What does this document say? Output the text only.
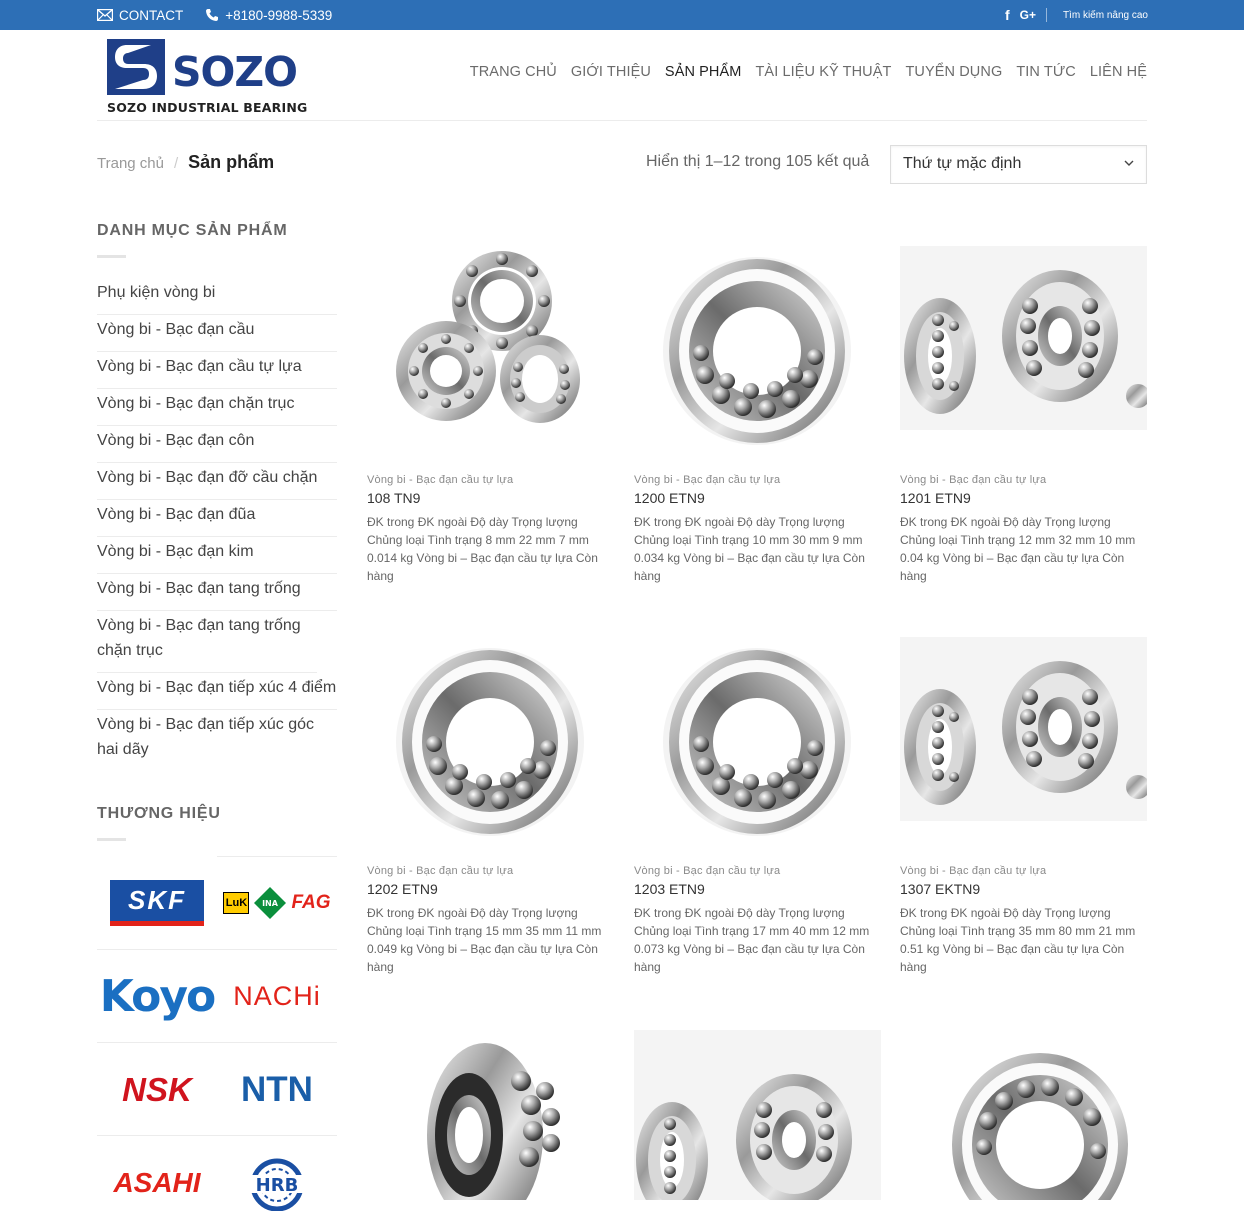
CONTACT	+8180-9988-5339	f G+	Tìm kiếm nâng cao
SOZO
SOZO INDUSTRIAL BEARING
TRANG CHỦ GIỚI THIỆU SẢN PHẨM TÀI LIỆU KỸ THUẬT TUYỂN DỤNG TIN TỨC LIÊN HỆ
Trang chủ / Sản phẩm	Hiển thị 1–12 trong 105 kết quả	Thứ tự mặc định
DANH MỤC SẢN PHẨM
Phụ kiện vòng bi
Vòng bi - Bạc đạn cầu
Vòng bi - Bạc đạn cầu tự lựa
Vòng bi - Bạc đạn chặn trục
Vòng bi - Bạc đạn côn
Vòng bi - Bạc đạn đỡ cầu chặn
Vòng bi - Bạc đạn đũa
Vòng bi - Bạc đạn kim
Vòng bi - Bạc đạn tang trống
Vòng bi - Bạc đạn tang trống chặn trục
Vòng bi - Bạc đạn tiếp xúc 4 điểm
Vòng bi - Bạc đạn tiếp xúc góc hai dãy
THƯƠNG HIỆU
SKF	LuK INA FAG
Koyo NACHi
NSK NTN
ASAHI	HRB
Vòng bi - Bạc đạn cầu tự lựa
108 TN9
ĐK trong ĐK ngoài Độ dày Trọng lượng Chủng loại Tình trạng 8 mm 22 mm 7 mm 0.014 kg Vòng bi – Bạc đạn cầu tự lựa Còn hàng
Vòng bi - Bạc đạn cầu tự lựa
1200 ETN9
ĐK trong ĐK ngoài Độ dày Trọng lượng Chủng loại Tình trạng 10 mm 30 mm 9 mm 0.034 kg Vòng bi – Bạc đạn cầu tự lựa Còn hàng
Vòng bi - Bạc đạn cầu tự lựa
1201 ETN9
ĐK trong ĐK ngoài Độ dày Trọng lượng Chủng loại Tình trạng 12 mm 32 mm 10 mm 0.04 kg Vòng bi – Bạc đạn cầu tự lựa Còn hàng
Vòng bi - Bạc đạn cầu tự lựa
1202 ETN9
ĐK trong ĐK ngoài Độ dày Trọng lượng Chủng loại Tình trạng 15 mm 35 mm 11 mm 0.049 kg Vòng bi – Bạc đạn cầu tự lựa Còn hàng
Vòng bi - Bạc đạn cầu tự lựa
1203 ETN9
ĐK trong ĐK ngoài Độ dày Trọng lượng Chủng loại Tình trạng 17 mm 40 mm 12 mm 0.073 kg Vòng bi – Bạc đạn cầu tự lựa Còn hàng
Vòng bi - Bạc đạn cầu tự lựa
1307 EKTN9
ĐK trong ĐK ngoài Độ dày Trọng lượng Chủng loại Tình trạng 35 mm 80 mm 21 mm 0.51 kg Vòng bi – Bạc đạn cầu tự lựa Còn hàng
